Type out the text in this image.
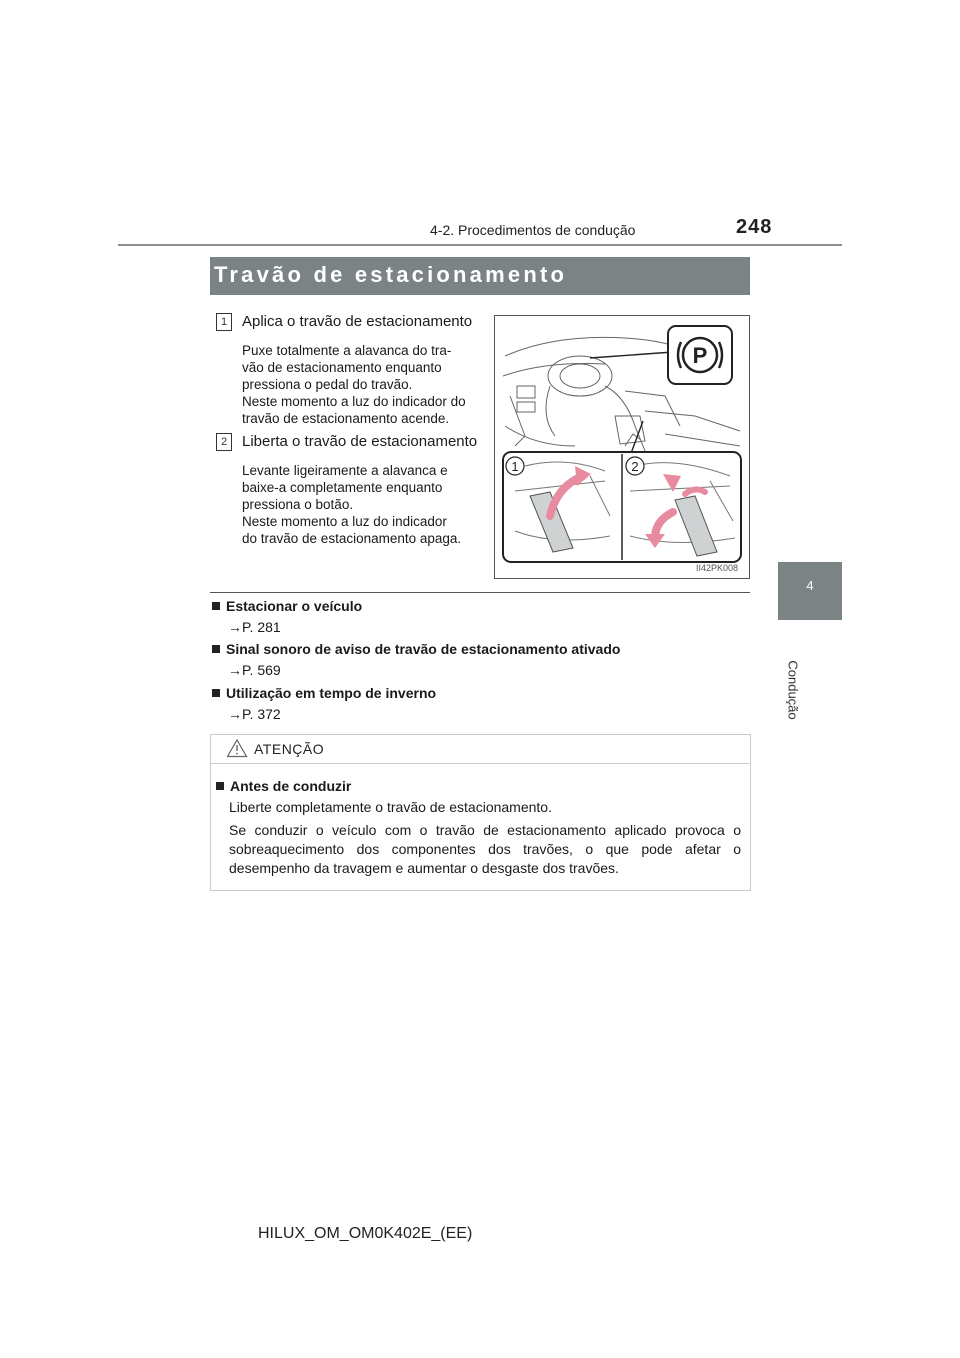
4-2. Procedimentos de condução	248
4
Condução
Travão de estacionamento
1 Aplica o travão de estacionamento
Puxe totalmente a alavanca do tra-
vão de estacionamento enquanto
pressiona o pedal do travão.
Neste momento a luz do indicador do
travão de estacionamento acende.
2 Liberta o travão de estacionamento
Levante ligeiramente a alavanca e
baixe-a completamente enquanto
pressiona o botão.
Neste momento a luz do indicador
do travão de estacionamento apaga.
P
1	2
II42PK008
Estacionar o veículo
→P. 281
Sinal sonoro de aviso de travão de estacionamento ativado
→P. 569
Utilização em tempo de inverno
→P. 372
ATENÇÃO
Antes de conduzir
Liberte completamente o travão de estacionamento.
Se conduzir o veículo com o travão de estacionamento aplicado provoca o sobreaquecimento dos componentes dos travões, o que pode afetar o desempenho da travagem e aumentar o desgaste dos travões.
HILUX_OM_OM0K402E_(EE)
